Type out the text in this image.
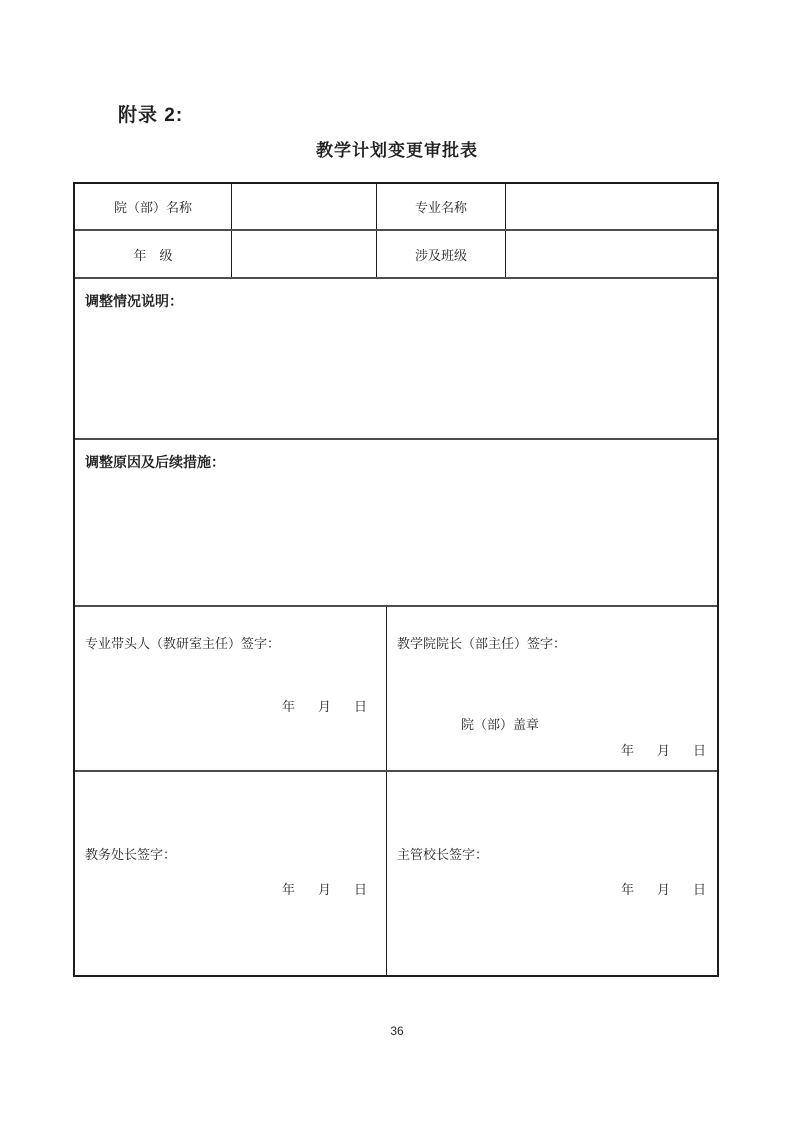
附录 2:
教学计划变更审批表
院（部）名称	专业名称
年　级	涉及班级
调整情况说明：
调整原因及后续措施：
专业带头人（教研室主任）签字：
年　月　日
教学院院长（部主任）签字：
院（部）盖章
年　月　日
教务处长签字：
年　月　日
主管校长签字：
年　月　日
36
